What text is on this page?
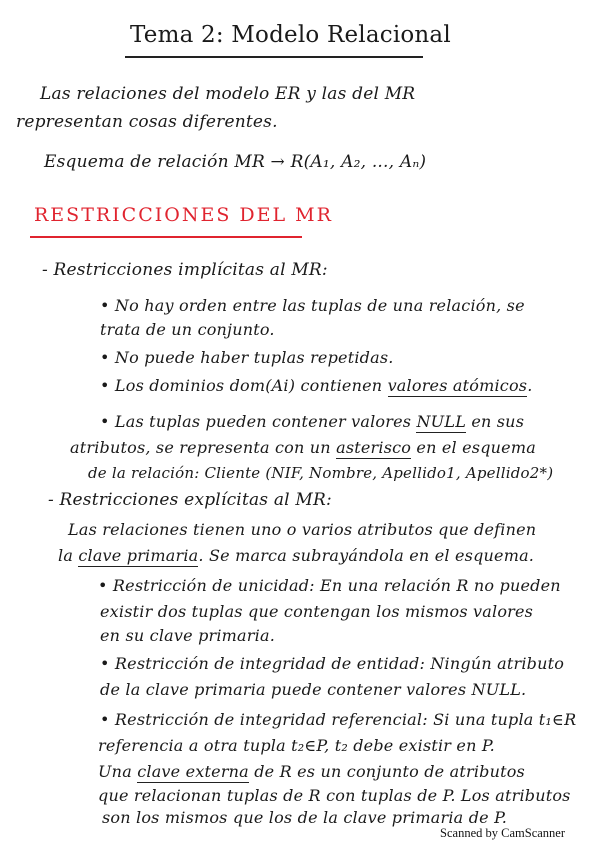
Tema 2: Modelo Relacional
Las relaciones del modelo ER y las del MR
representan cosas diferentes.
Esquema de relación MR → R(A₁, A₂, ..., Aₙ)
RESTRICCIONES DEL MR
- Restricciones implícitas al MR:
• No hay orden entre las tuplas de una relación, se
trata de un conjunto.
• No puede haber tuplas repetidas.
• Los dominios dom(Ai) contienen valores atómicos.
• Las tuplas pueden contener valores NULL en sus
atributos, se representa con un asterisco en el esquema
de la relación: Cliente (NIF, Nombre, Apellido1, Apellido2*)
- Restricciones explícitas al MR:
Las relaciones tienen uno o varios atributos que definen
la clave primaria. Se marca subrayándola en el esquema.
• Restricción de unicidad: En una relación R no pueden
existir dos tuplas que contengan los mismos valores
en su clave primaria.
• Restricción de integridad de entidad: Ningún atributo
de la clave primaria puede contener valores NULL.
• Restricción de integridad referencial: Si una tupla t₁∈R
referencia a otra tupla t₂∈P, t₂ debe existir en P.
Una clave externa de R es un conjunto de atributos
que relacionan tuplas de R con tuplas de P. Los atributos
son los mismos que los de la clave primaria de P.
Scanned by CamScanner
